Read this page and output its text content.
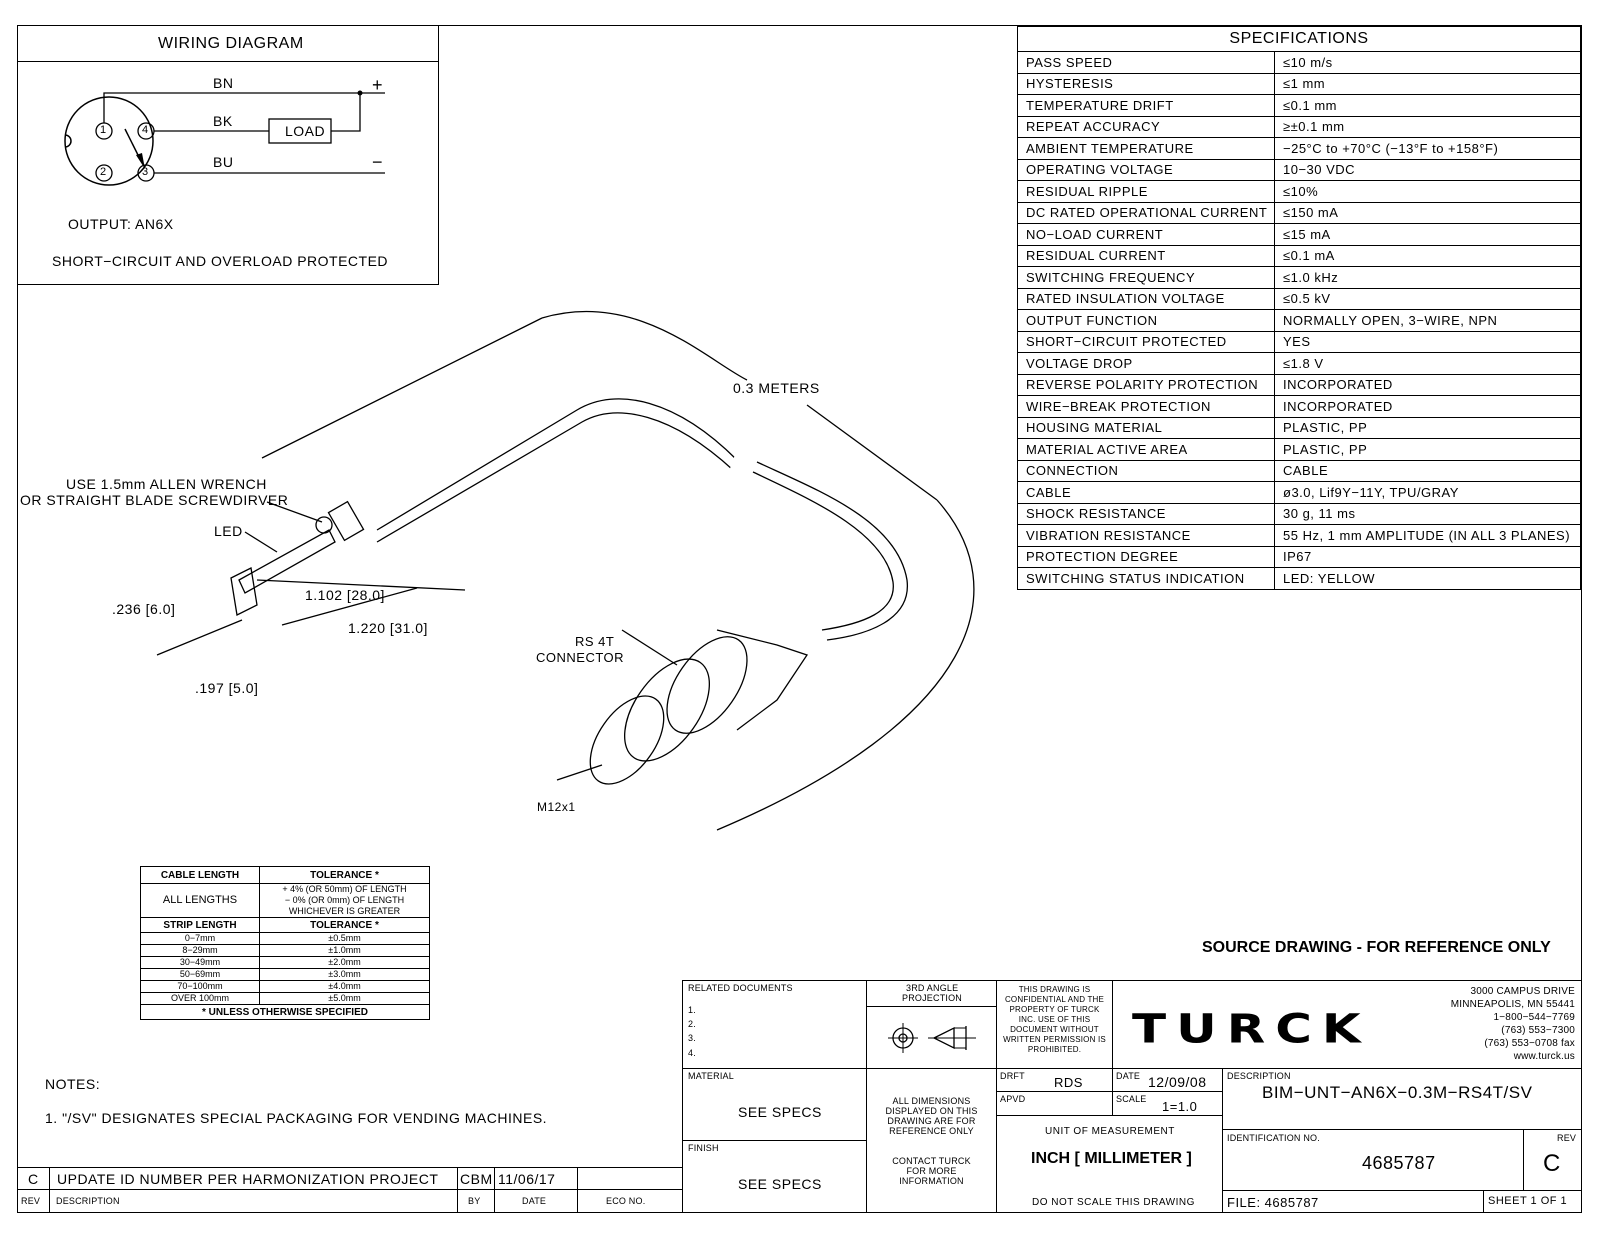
WIRING DIAGRAM
BN
BK
BU
LOAD
+
−
1	4
2	3
OUTPUT: AN6X
SHORT−CIRCUIT AND OVERLOAD PROTECTED
SPECIFICATIONS	
PASS SPEED	≤10 m/s
HYSTERESIS	≤1 mm
TEMPERATURE DRIFT	≤0.1 mm
REPEAT ACCURACY	≥±0.1 mm
AMBIENT TEMPERATURE	−25°C to +70°C (−13°F to +158°F)
OPERATING VOLTAGE	10−30 VDC
RESIDUAL RIPPLE	≤10%
DC RATED OPERATIONAL CURRENT	≤150 mA
NO−LOAD CURRENT	≤15 mA
RESIDUAL CURRENT	≤0.1 mA
SWITCHING FREQUENCY	≤1.0 kHz
RATED INSULATION VOLTAGE	≤0.5 kV
OUTPUT FUNCTION	NORMALLY OPEN, 3−WIRE, NPN
SHORT−CIRCUIT PROTECTED	YES
VOLTAGE DROP	≤1.8 V
REVERSE POLARITY PROTECTION	INCORPORATED
WIRE−BREAK PROTECTION	INCORPORATED
HOUSING MATERIAL	PLASTIC, PP
MATERIAL ACTIVE AREA	PLASTIC, PP
CONNECTION	CABLE
CABLE	ø3.0, Lif9Y−11Y, TPU/GRAY
SHOCK RESISTANCE	30 g, 11 ms
VIBRATION RESISTANCE	55 Hz, 1 mm AMPLITUDE (IN ALL 3 PLANES)
PROTECTION DEGREE	IP67
SWITCHING STATUS INDICATION	LED: YELLOW
0.3 METERS
USE 1.5mm ALLEN WRENCH
OR STRAIGHT BLADE SCREWDIRVER
LED
.236 [6.0]
1.102 [28.0]
1.220 [31.0]
.197 [5.0]
RS 4T
CONNECTOR
M12x1
CABLE LENGTH	TOLERANCE *
ALL LENGTHS	+ 4% (OR 50mm) OF LENGTH
− 0% (OR 0mm) OF LENGTH
WHICHEVER IS GREATER

STRIP LENGTH	TOLERANCE *
0−7mm	±0.5mm
8−29mm	±1.0mm
30−49mm	±2.0mm
50−69mm	±3.0mm
70−100mm	±4.0mm
OVER 100mm	±5.0mm
* UNLESS OTHERWISE SPECIFIED	
NOTES:
1. "/SV" DESIGNATES SPECIAL PACKAGING FOR VENDING MACHINES.
SOURCE DRAWING - FOR REFERENCE ONLY
C UPDATE ID NUMBER PER HARMONIZATION PROJECT CBM 11/06/17
REV DESCRIPTION	BY	DATE	ECO NO.
RELATED DOCUMENTS
1.
2.
3.
4.
3RD ANGLE
PROJECTION
THIS DRAWING IS
CONFIDENTIAL AND THE
PROPERTY OF TURCK
INC. USE OF THIS
DOCUMENT WITHOUT
WRITTEN PERMISSION IS
PROHIBITED.	TURCK
3000 CAMPUS DRIVE
MINNEAPOLIS, MN 55441
1−800−544−7769
(763) 553−7300
(763) 553−0708 fax
www.turck.us
MATERIAL
SEE SPECS
FINISH
SEE SPECS
ALL DIMENSIONS
DISPLAYED ON THIS
DRAWING ARE FOR
REFERENCE ONLY
CONTACT TURCK
FOR MORE
INFORMATION
DRFT RDS	DATE 12/09/08
APVD	SCALE 1=1.0
UNIT OF MEASUREMENT
INCH [ MILLIMETER ]
DO NOT SCALE THIS DRAWING
DESCRIPTION
BIM−UNT−AN6X−0.3M−RS4T/SV
IDENTIFICATION NO.
4685787
REV
C
FILE: 4685787	SHEET 1 OF 1
